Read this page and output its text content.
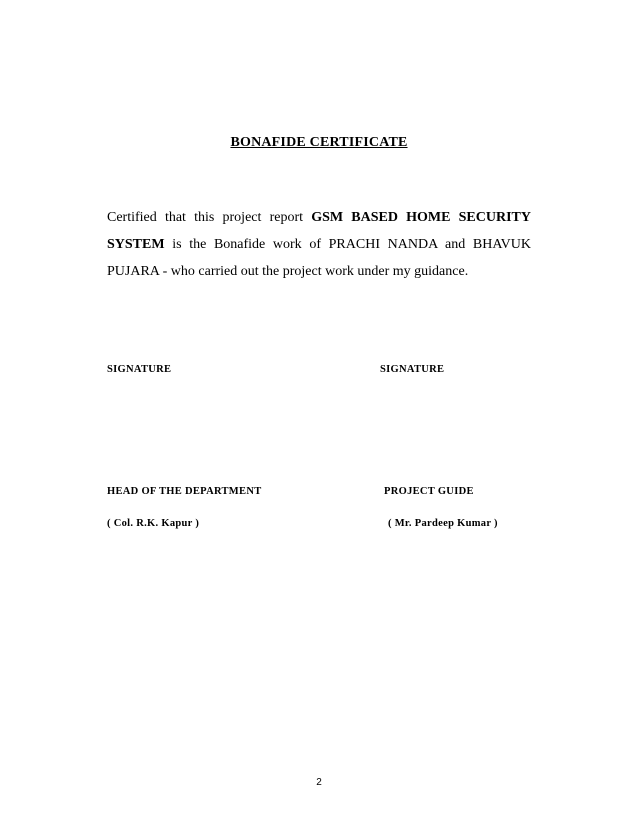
BONAFIDE CERTIFICATE
Certified that this project report GSM BASED HOME SECURITY SYSTEM is the Bonafide work of PRACHI NANDA and BHAVUK PUJARA - who carried out the project work under my guidance.
SIGNATURE	SIGNATURE
HEAD OF THE DEPARTMENT	PROJECT GUIDE
( Col. R.K. Kapur )	( Mr. Pardeep Kumar )
2
